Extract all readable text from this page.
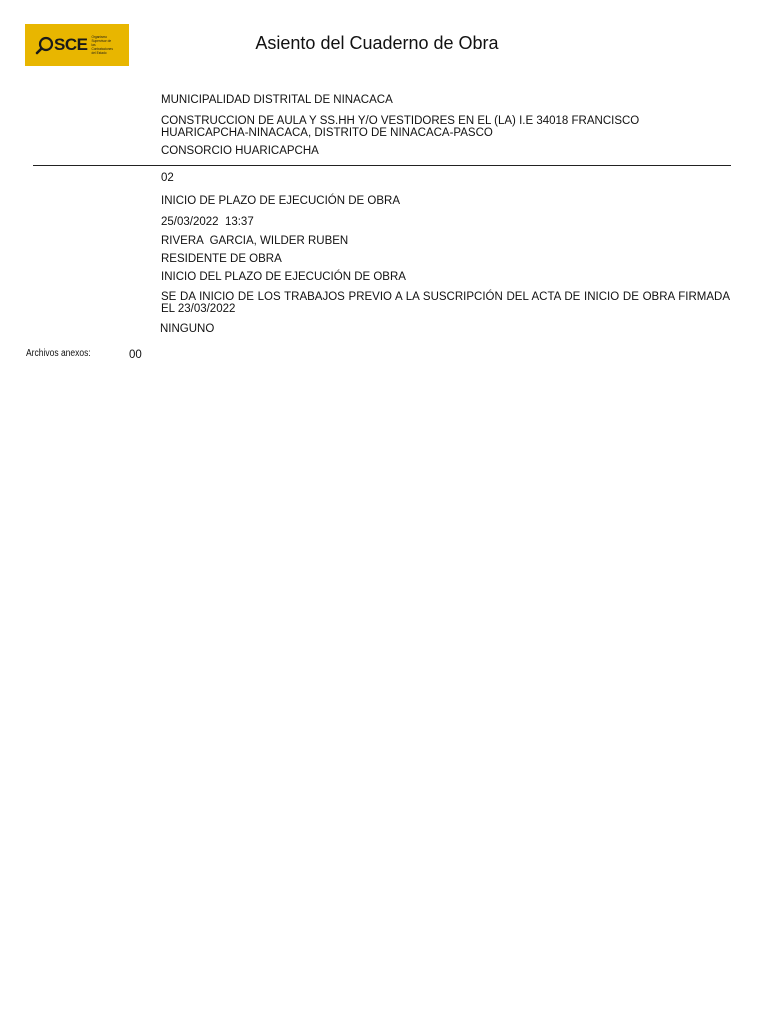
SCE Organismo Supervisor de las Contrataciones del Estado	Asiento del Cuaderno de Obra
MUNICIPALIDAD DISTRITAL DE NINACACA
CONSTRUCCION DE AULA Y SS.HH Y/O VESTIDORES EN EL (LA) I.E 34018 FRANCISCO HUARICAPCHA-NINACACA, DISTRITO DE NINACACA-PASCO
CONSORCIO HUARICAPCHA
02
INICIO DE PLAZO DE EJECUCIÓN DE OBRA
25/03/2022  13:37
RIVERA  GARCIA, WILDER RUBEN
RESIDENTE DE OBRA
INICIO DEL PLAZO DE EJECUCIÓN DE OBRA
SE DA INICIO DE LOS TRABAJOS PREVIO A LA SUSCRIPCIÓN DEL ACTA DE INICIO DE OBRA FIRMADA EL 23/03/2022
NINGUNO
Archivos anexos:	00
